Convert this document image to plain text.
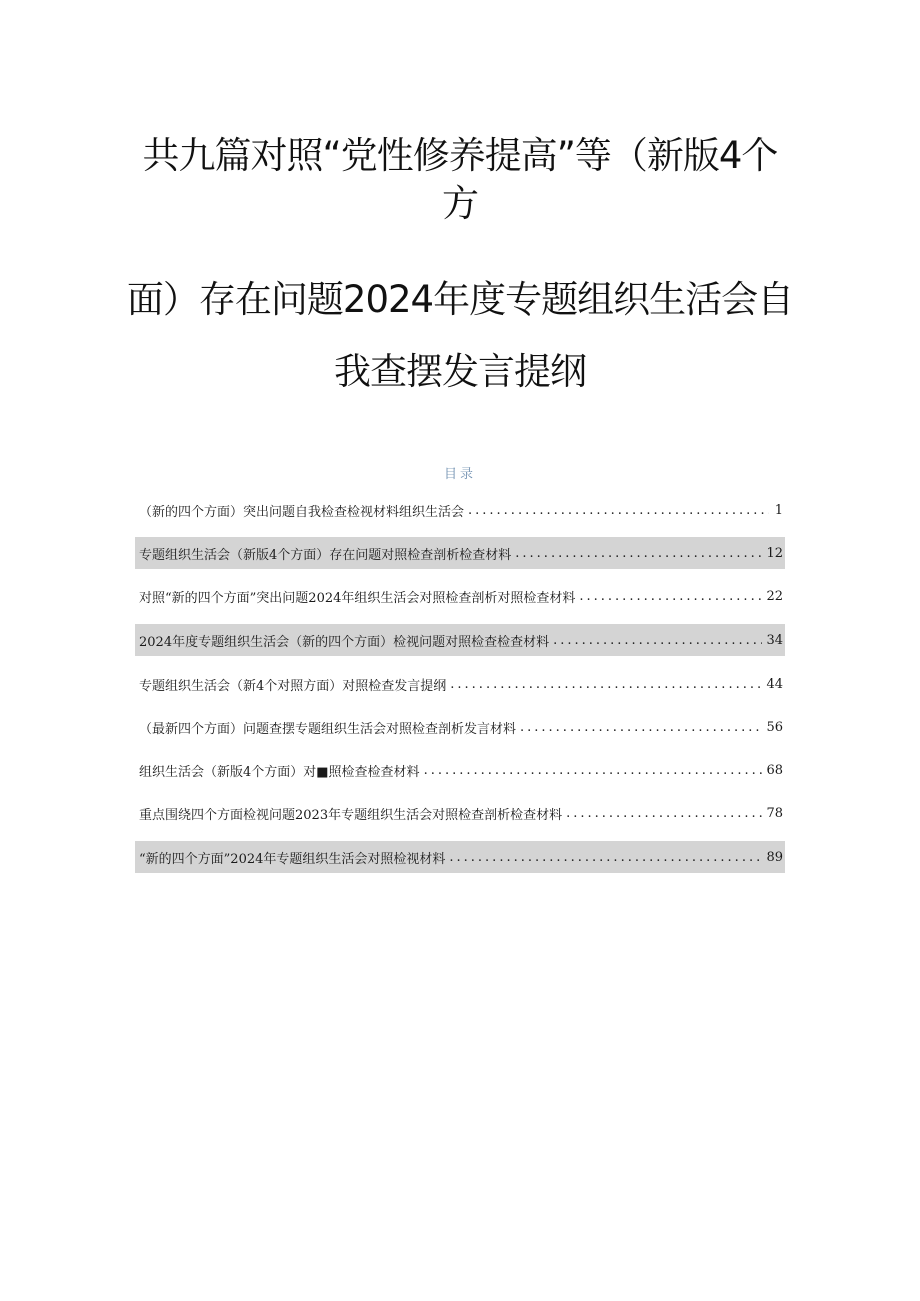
共九篇对照“党性修养提高”等（新版4个
方
面）存在问题2024年度专题组织生活会自
我查摆发言提纲
目录
（新的四个方面）突出问题自我检查检视材料组织生活会 .....	1
专题组织生活会（新版4个方面）存在问题对照检查剖析检查材料 .....	12
对照“新的四个方面”突出问题2024年组织生活会对照检查剖析对照检查材料 .....	22
2024年度专题组织生活会（新的四个方面）检视问题对照检查检查材料 .....	34
专题组织生活会（新4个对照方面）对照检查发言提纲 .....	44
（最新四个方面）问题查摆专题组织生活会对照检查剖析发言材料 .....	56
组织生活会（新版4个方面）对■照检查检查材料 .....	68
重点围绕四个方面检视问题2023年专题组织生活会对照检查剖析检查材料 .....	78
“新的四个方面”2024年专题组织生活会对照检视材料 .....	89
